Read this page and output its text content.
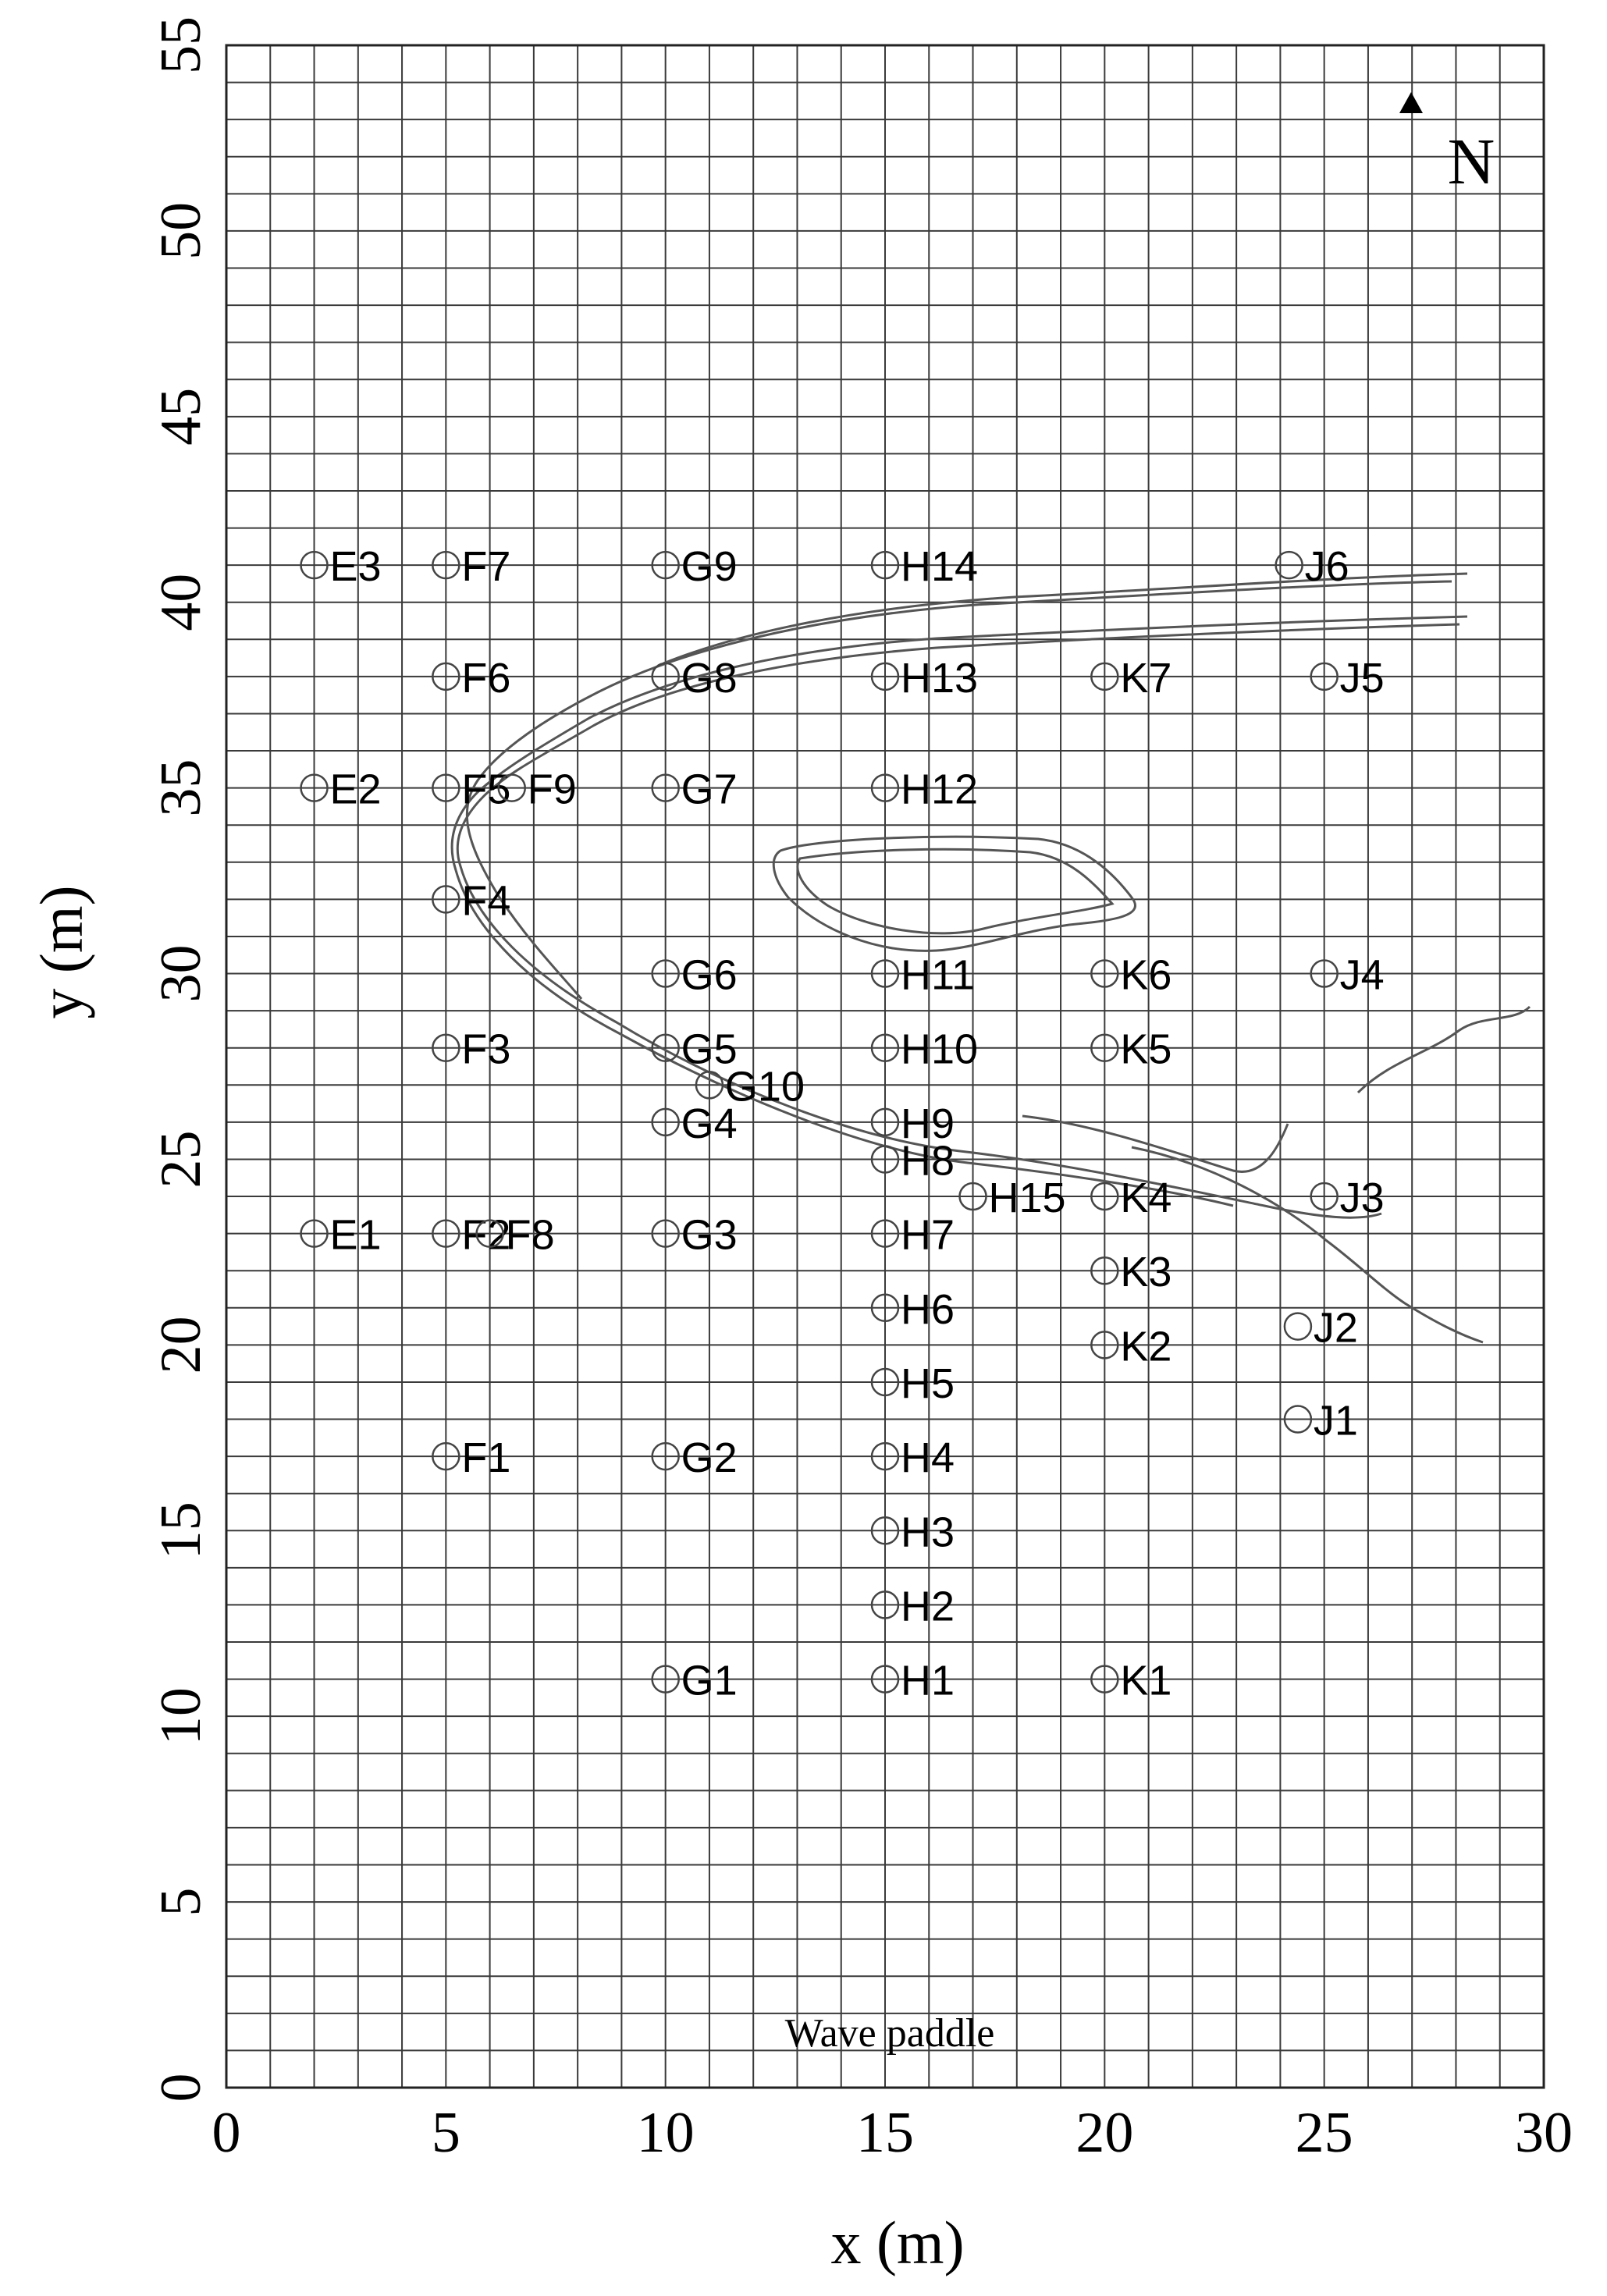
0	5	10	15	20	25	30
0
5
10
15
20
25
30
35
40
45
50
55
E1
E2
E3
F1
F2
F3
F4
F5
F6
F7
F8
F9
G1
G2
G3
G4
G5
G6
G7
G8
G9
G10
H1
H2
H3
H4
H5
H6
H7
H8
H9
H10
H11
H12
H13
H14
H15
K1
K2
K3
K4
K5
K6
K7
J1
J2
J3
J4
J5
J6
x (m)
y (m)
Wave paddle
N
